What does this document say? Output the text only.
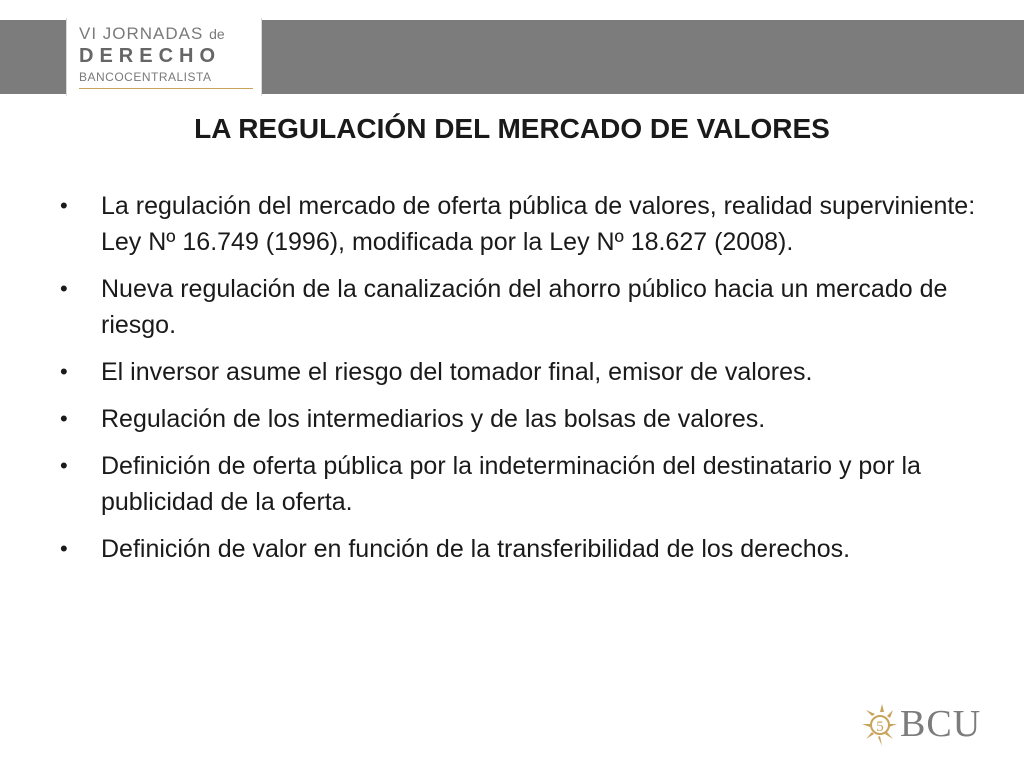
VI JORNADAS de
DERECHO
BANCOCENTRALISTA
LA REGULACIÓN DEL MERCADO DE VALORES
•	La regulación del mercado de oferta pública de valores, realidad superviniente: Ley Nº 16.749 (1996), modificada por la Ley Nº 18.627 (2008).
•	Nueva regulación de la canalización del ahorro público hacia un mercado de riesgo.
•	El inversor asume el riesgo del tomador final, emisor de valores.
•	Regulación de los intermediarios y de las bolsas de valores.
•	Definición de oferta pública por la indeterminación del destinatario y por la publicidad de la oferta.
•	Definición de valor en función de la transferibilidad de los derechos.
5 BCU
